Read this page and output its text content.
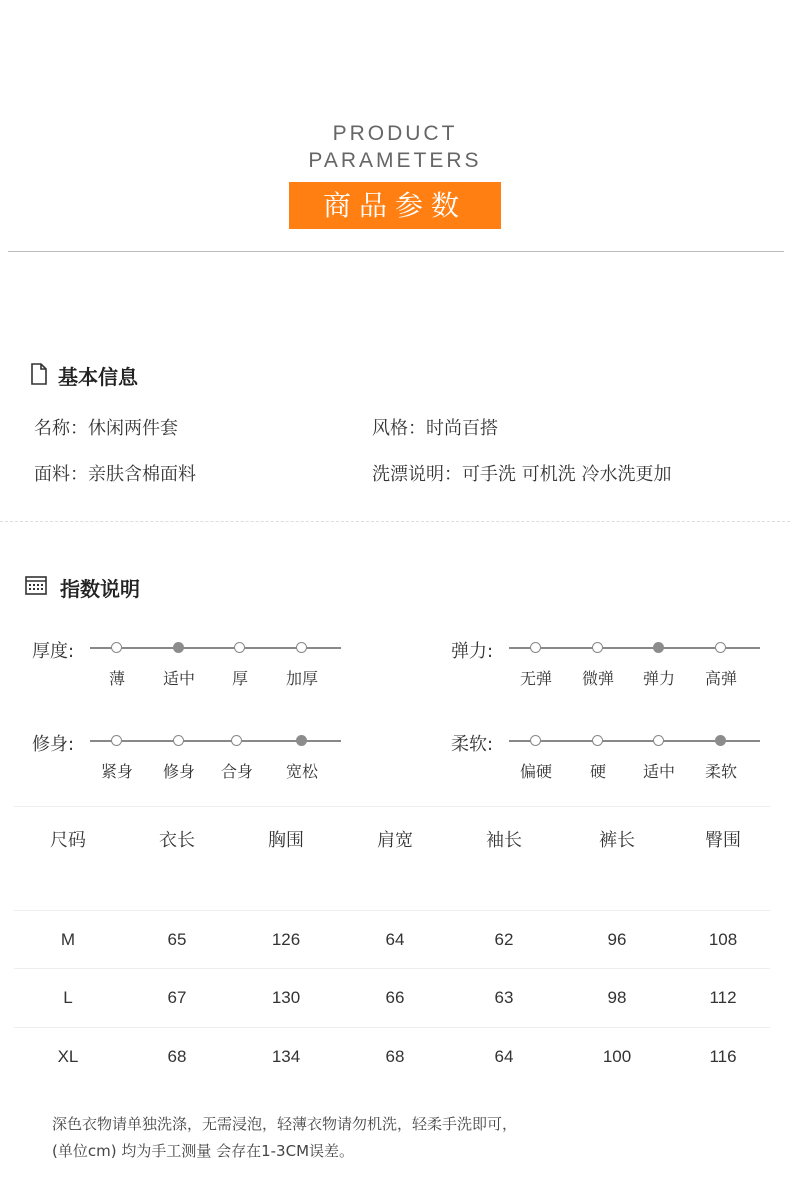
PRODUCT
PARAMETERS
商品参数
基本信息
名称：休闲两件套	风格：时尚百搭
面料：亲肤含棉面料	洗漂说明：可手洗 可机洗 冷水洗更加
指数说明
厚度:
薄	适中	厚	加厚
弹力:
无弹	微弹	弹力	高弹
修身:
紧身	修身	合身	宽松
柔软:
偏硬	硬	适中	柔软
尺码	衣长	胸围	肩宽	袖长	裤长	臀围
M	65	126	64	62	96	108
L	67	130	66	63	98	112
XL	68	134	68	64	100	116
深色衣物请单独洗涤，无需浸泡，轻薄衣物请勿机洗，轻柔手洗即可，
(单位cm) 均为手工测量 会存在1-3CM误差。
